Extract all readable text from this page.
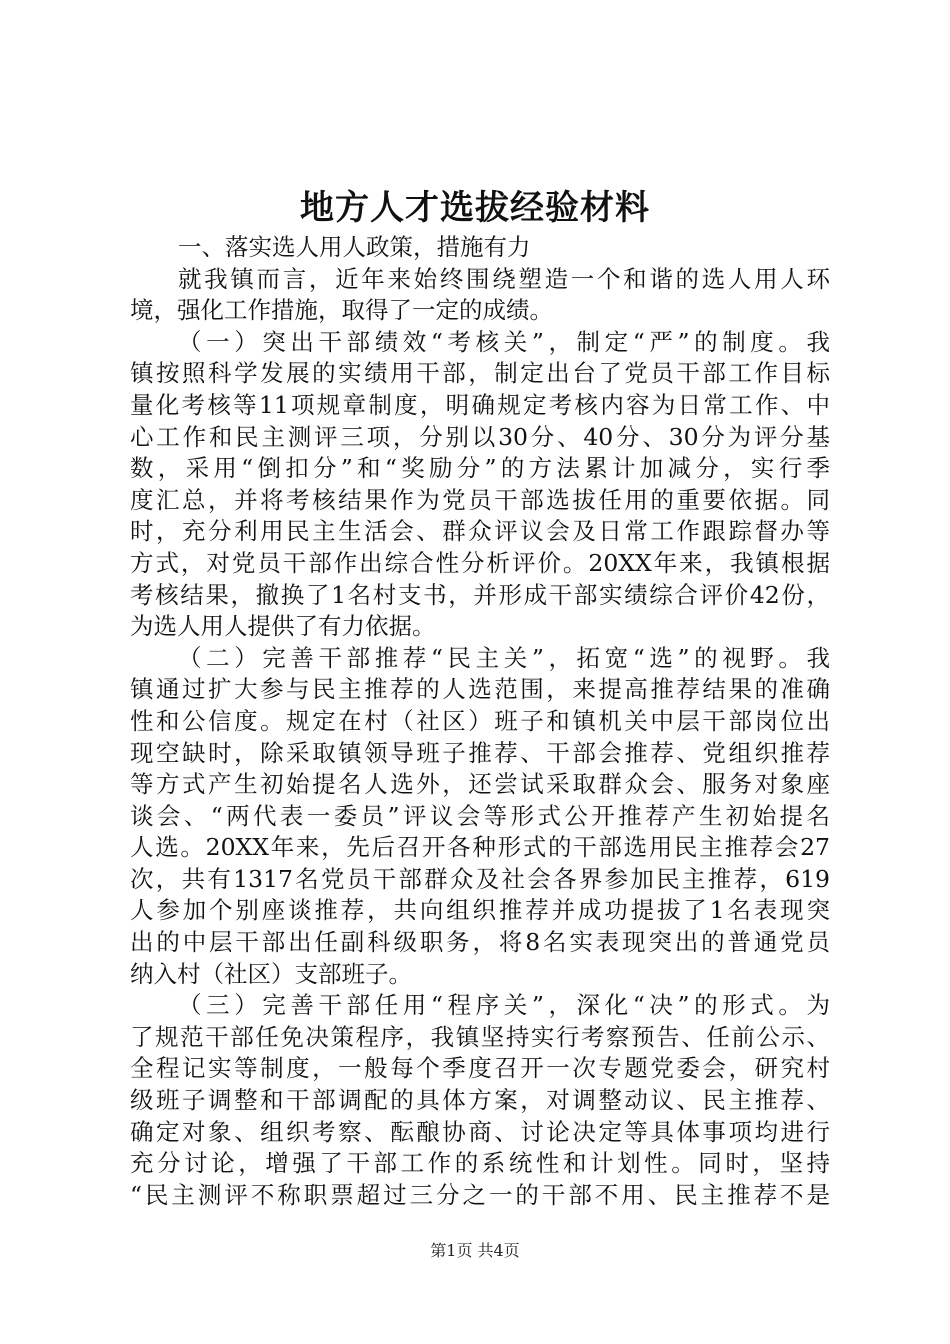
地方人才选拔经验材料
一、落实选人用人政策，措施有力
就我镇而言，近年来始终围绕塑造一个和谐的选人用人环
境，强化工作措施，取得了一定的成绩。
（一）突出干部绩效“考核关”，制定“严”的制度。我
镇按照科学发展的实绩用干部，制定出台了党员干部工作目标
量化考核等11项规章制度，明确规定考核内容为日常工作、中
心工作和民主测评三项，分别以30分、40分、30分为评分基
数，采用“倒扣分”和“奖励分”的方法累计加减分，实行季
度汇总，并将考核结果作为党员干部选拔任用的重要依据。同
时，充分利用民主生活会、群众评议会及日常工作跟踪督办等
方式，对党员干部作出综合性分析评价。20XX年来，我镇根据
考核结果，撤换了1名村支书，并形成干部实绩综合评价42份，
为选人用人提供了有力依据。
（二）完善干部推荐“民主关”，拓宽“选”的视野。我
镇通过扩大参与民主推荐的人选范围，来提高推荐结果的准确
性和公信度。规定在村（社区）班子和镇机关中层干部岗位出
现空缺时，除采取镇领导班子推荐、干部会推荐、党组织推荐
等方式产生初始提名人选外，还尝试采取群众会、服务对象座
谈会、“两代表一委员”评议会等形式公开推荐产生初始提名
人选。20XX年来，先后召开各种形式的干部选用民主推荐会27
次，共有1317名党员干部群众及社会各界参加民主推荐，619
人参加个别座谈推荐，共向组织推荐并成功提拔了1名表现突
出的中层干部出任副科级职务，将8名实表现突出的普通党员
纳入村（社区）支部班子。
（三）完善干部任用“程序关”，深化“决”的形式。为
了规范干部任免决策程序，我镇坚持实行考察预告、任前公示、
全程记实等制度，一般每个季度召开一次专题党委会，研究村
级班子调整和干部调配的具体方案，对调整动议、民主推荐、
确定对象、组织考察、酝酿协商、讨论决定等具体事项均进行
充分讨论，增强了干部工作的系统性和计划性。同时，坚持
“民主测评不称职票超过三分之一的干部不用、民主推荐不是
第1页 共4页
